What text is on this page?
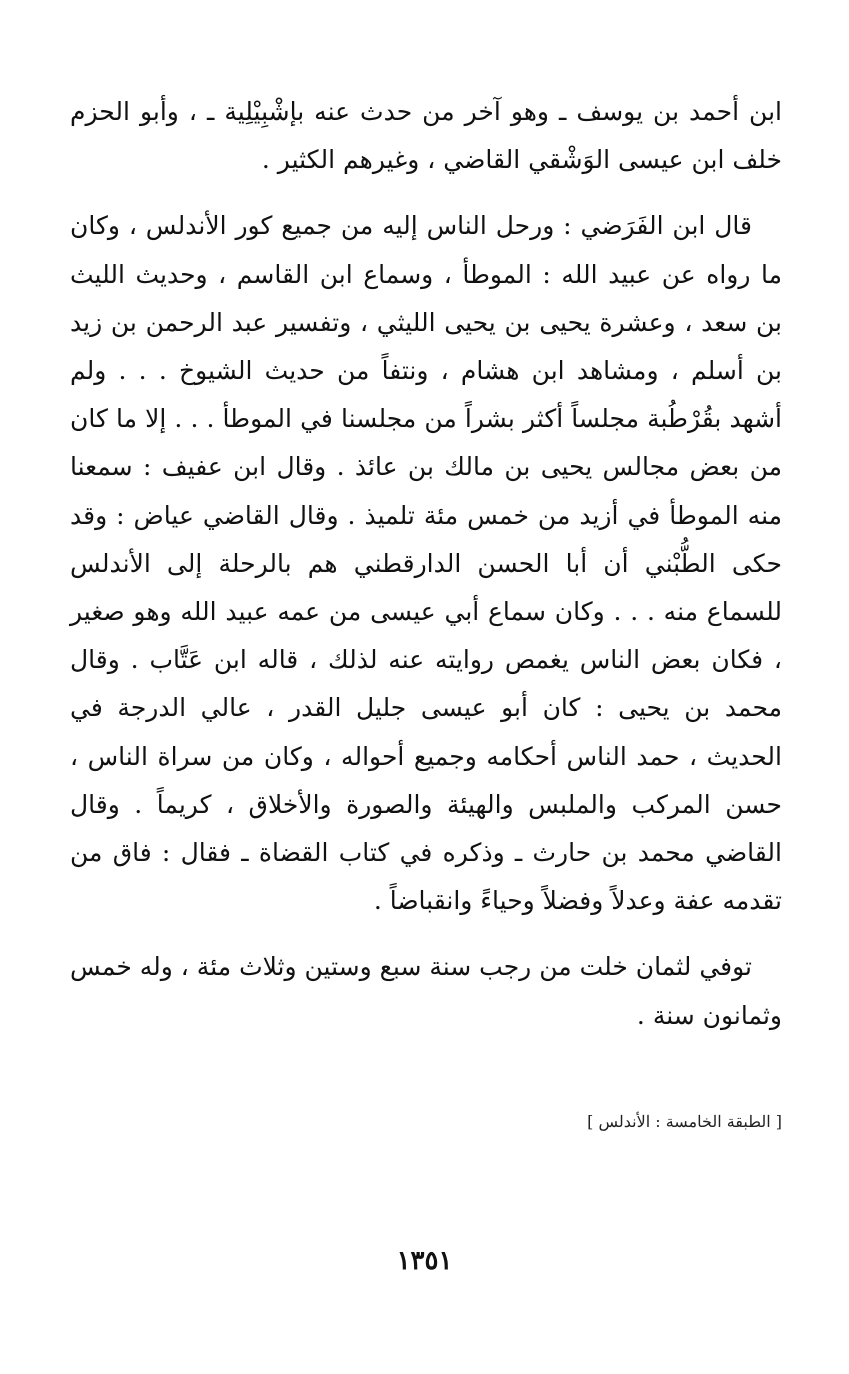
ابن أحمد بن يوسف ـ وهو آخر من حدث عنه بإشْبِيْلِية ـ ، وأبو الحزم خلف ابن عيسى الوَشْقي القاضي ، وغيرهم الكثير .

قال ابن الفَرَضي : ورحل الناس إليه من جميع كور الأندلس ، وكان ما رواه عن عبيد الله : الموطأ ، وسماع ابن القاسم ، وحديث الليث بن سعد ، وعشرة يحيى بن يحيى الليثي ، وتفسير عبد الرحمن بن زيد بن أسلم ، ومشاهد ابن هشام ، ونتفاً من حديث الشيوخ . . . ولم أشهد بقُرْطُبة مجلساً أكثر بشراً من مجلسنا في الموطأ . . . إلا ما كان من بعض مجالس يحيى بن مالك بن عائذ . وقال ابن عفيف : سمعنا منه الموطأ في أزيد من خمس مئة تلميذ . وقال القاضي عياض : وقد حكى الطُّبْني أن أبا الحسن الدارقطني هم بالرحلة إلى الأندلس للسماع منه . . . وكان سماع أبي عيسى من عمه عبيد الله وهو صغير ، فكان بعض الناس يغمص روايته عنه لذلك ، قاله ابن عَتَّاب . وقال محمد بن يحيى : كان أبو عيسى جليل القدر ، عالي الدرجة في الحديث ، حمد الناس أحكامه وجميع أحواله ، وكان من سراة الناس ، حسن المركب والملبس والهيئة والصورة والأخلاق ، كريماً . وقال القاضي محمد بن حارث ـ وذكره في كتاب القضاة ـ فقال : فاق من تقدمه عفة وعدلاً وفضلاً وحياءً وانقباضاً .

توفي لثمان خلت من رجب سنة سبع وستين وثلاث مئة ، وله خمس وثمانون سنة .

[ الطبقة الخامسة : الأندلس ]
١٣٥١
